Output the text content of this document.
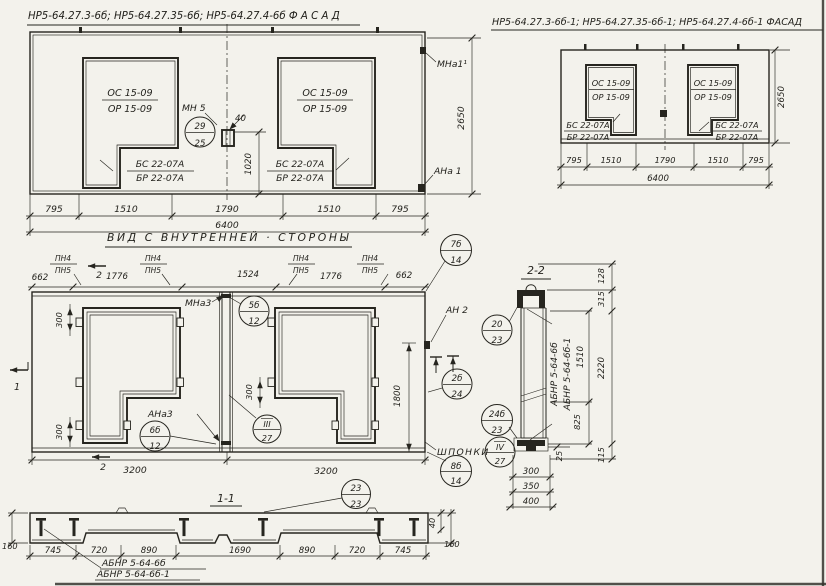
НР5-64.27.3-6б; НР5-64.27.35-6б; НР5-64.27.4-6б Ф А С А Д
ОС 15-09
ОР 15-09
БС 22-07А
БР 22-07А
ОС 15-09
ОР 15-09
БС 22-07А
БР 22-07А
МН 5
29
25
40
1020
МНа1¹
АНа 1
2650
795	1510	1790	1510	795
6400
НР5-64.27.3-6б-1; НР5-64.27.35-6б-1; НР5-64.27.4-6б-1 ФАСАД
ОС 15-09
ОР 15-09
БС 22-07А
БР 22-07А
ОС 15-09
ОР 15-09
БС 22-07А
БР 22-07А
2650
795 1510	1790	1510 795
6400
ВИД С ВНУТРЕННЕЙ · СТОРОНЫ
662	1776	1524	1776	662
ПН4
ПН5
ПН4
ПН5
ПН4
ПН5
ПН4
ПН5
2
300
300
300	1800
МНа3	5б
12
АНа3
6б
12
III
27
7б
14
АН 2
2б
24
ШПОНКИ IV
27
8б
14
1
2 3200	3200
2-2
20
23
24б
23
АБНР 5-64-6б АБНР 5-64-6б-1 1510
825
128
315
2220
115
25
300
350
400
1-1
23
23
160
40
160
745	720	890	1690	890	720	745
АБНР 5-64-6б
АБНР 5-64-6б-1
